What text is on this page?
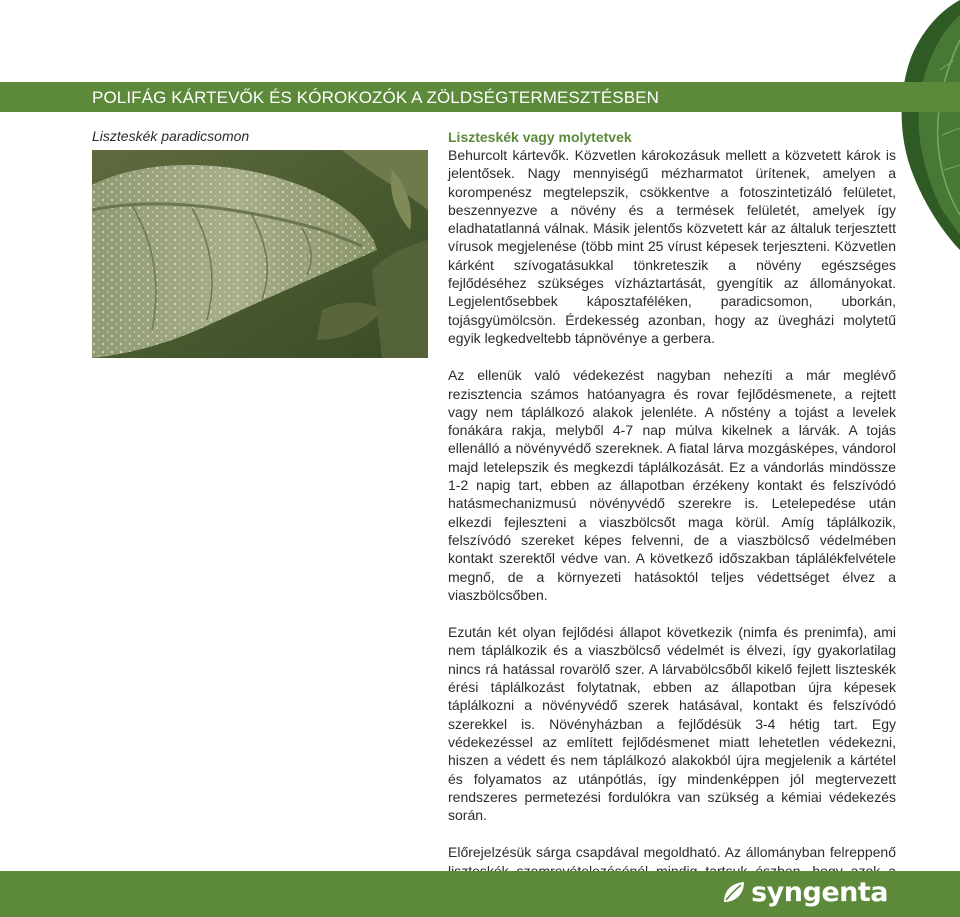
POLIFÁG KÁRTEVŐK ÉS KÓROKOZÓK A ZÖLDSÉGTERMESZTÉSBEN
Liszteskék paradicsomon	Liszteskék vagy molytetvek

Behurcolt kártevők. Közvetlen károkozásuk mellett a közvetett károk is jelentősek. Nagy mennyiségű mézharmatot ürítenek, amelyen a korompenész megtelepszik, csökkentve a fotoszintetizáló felületet, beszennyezve a növény és a termések felületét, amelyek így eladhatatlanná válnak. Másik jelentős közvetett kár az általuk terjesztett vírusok megjelenése (több mint 25 vírust képesek terjeszteni. Közvetlen kárként szívogatásukkal tönkreteszik a növény egészséges fejlődéséhez szükséges vízháztartását, gyengítik az állományokat. Legjelentősebbek káposztaféléken, paradicsomon, uborkán, tojásgyümölcsön. Érdekesség azonban, hogy az üvegházi molytetű egyik legkedveltebb tápnövénye a gerbera.

Az ellenük való védekezést nagyban nehezíti a már meglévő rezisztencia számos hatóanyagra és rovar fejlődésmenete, a rejtett vagy nem táplálkozó alakok jelenléte. A nőstény a tojást a levelek fonákára rakja, melyből 4-7 nap múlva kikelnek a lárvák. A tojás ellenálló a növényvédő szereknek. A fiatal lárva mozgásképes, vándorol majd letelepszik és megkezdi táplálkozását. Ez a vándorlás mindössze 1-2 napig tart, ebben az állapotban érzékeny kontakt és felszívódó hatásmechanizmusú növényvédő szerekre is. Letelepedése után elkezdi fejleszteni a viaszbölcsőt maga körül. Amíg táplálkozik, felszívódó szereket képes felvenni, de a viaszbölcső védelmében kontakt szerektől védve van. A következő időszakban táplálékfelvétele megnő, de a környezeti hatásoktól teljes védettséget élvez a viaszbölcsőben.

Ezután két olyan fejlődési állapot következik (nimfa és prenimfa), ami nem táplálkozik és a viaszbölcső védelmét is élvezi, így gyakorlatilag nincs rá hatással rovarölő szer. A lárvabölcsőből kikelő fejlett liszteskék érési táplálkozást folytatnak, ebben az állapotban újra képesek táplálkozni a növényvédő szerek hatásával, kontakt és felszívódó szerekkel is. Növényházban a fejlődésük 3-4 hétig tart. Egy védekezéssel az említett fejlődésmenet miatt lehetetlen védekezni, hiszen a védett és nem táplálkozó alakokból újra megjelenik a kártétel és folyamatos az utánpótlás, így mindenképpen jól megtervezett rendszeres permetezési fordulókra van szükség a kémiai védekezés során.

Előrejelzésük sárga csapdával megoldható. Az állományban felreppenő

syngenta
